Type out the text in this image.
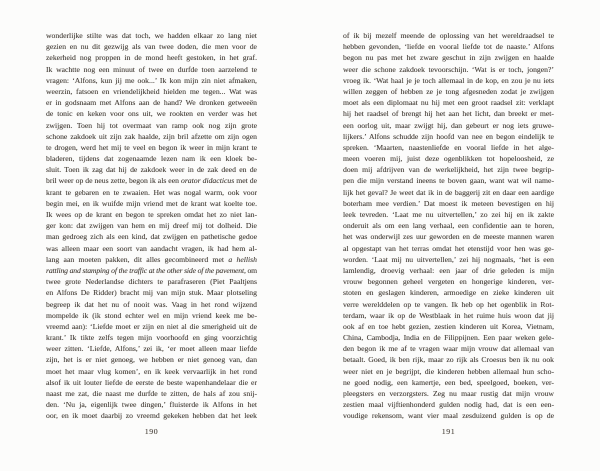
wonderlijke stilte was dat toch, we hadden elkaar zo lang niet
gezien en nu dit gezwijg als van twee doden, die men voor de
zekerheid nog proppen in de mond heeft gestoken, in het graf.
Ik wachtte nog een minuut of twee en durfde toen aarzelend te
vragen: ‘Alfons, kun jij me ook...’ Ik kon mijn zin niet afmaken,
weerzin, fatsoen en vriendelijkheid hielden me tegen... Wat was
er in godsnaam met Alfons aan de hand? We dronken getweeën
de tonic en keken voor ons uit, we rookten en verder was het
zwijgen. Toen hij tot overmaat van ramp ook nog zijn grote
schone zakdoek uit zijn zak haalde, zijn bril afzette om zijn ogen
te drogen, werd het mij te veel en begon ik weer in mijn krant te
bladeren, tijdens dat zogenaamde lezen nam ik een kloek be-
sluit. Toen ik zag dat hij de zakdoek weer in de zak deed en de
bril weer op de neus zette, begon ik als een orator didacticus met de
krant te gebaren en te zwaaien. Het was nogal warm, ook voor
begin mei, en ik wuifde mijn vriend met de krant wat koelte toe.
Ik wees op de krant en begon te spreken omdat het zo niet lan-
ger kon: dat zwijgen van hem en mij dreef mij tot dolheid. Die
man gedroeg zich als een kind, dat zwijgen en pathetische gedoe
was alleen maar een soort van aandacht vragen, ik had hem al-
lang aan moeten pakken, dit alles gecombineerd met a hellish
rattling and stamping of the traffic at the other side of the pavement, om
twee grote Nederlandse dichters te parafraseren (Piet Paaltjens
en Alfons De Ridder) bracht mij van mijn stuk. Maar plotseling
begreep ik dat het nu of nooit was. Vaag in het rond wijzend
mompelde ik (ik stond echter wel en mijn vriend keek me be-
vreemd aan): ‘Liefde moet er zijn en niet al die smerigheid uit de
krant.’ Ik tikte zelfs tegen mijn voorhoofd en ging voorzichtig
weer zitten. ‘Liefde, Alfons,’ zei ik, ‘er moet alleen maar liefde
zijn, het is er niet genoeg, we hebben er niet genoeg van, dan
moet het maar vlug komen’, en ik keek vervaarlijk in het rond
alsof ik uit louter liefde de eerste de beste wapenhandelaar die er
naast me zat, die naast me durfde te zitten, de hals af zou snij-
den. ‘Nu ja, eigenlijk twee dingen,’ fluisterde ik Alfons in het
oor, en ik moet daarbij zo vreemd gekeken hebben dat het leek
190
of ik bij mezelf meende de oplossing van het wereldraadsel te
hebben gevonden, ‘liefde en vooral liefde tot de naaste.’ Alfons
begon nu pas met het zware geschut in zijn zwijgen en haalde
weer die schone zakdoek tevoorschijn. ‘Wat is er toch, jongen?’
vroeg ik. ‘Wat haal je je toch allemaal in de kop, en zou je nu iets
willen zeggen of hebben ze je tong afgesneden zodat je zwijgen
moet als een diplomaat nu hij met een groot raadsel zit: verklapt
hij het raadsel of brengt hij het aan het licht, dan breekt er met-
een oorlog uit, maar zwijgt hij, dan gebeurt er nog iets gruwe-
lijkers.’ Alfons schudde zijn hoofd van nee en begon eindelijk te
spreken. ‘Maarten, naastenliefde en vooral liefde in het alge-
meen voeren mij, juist deze ogenblikken tot hopeloosheid, ze
doen mij afdrijven van de werkelijkheid, het zijn twee begrip-
pen die mijn verstand ineens te boven gaan, want wat wil name-
lijk het geval? Je weet dat ik in de baggerij zit en daar een aardige
boterham mee verdien.’ Dat moest ik meteen bevestigen en hij
leek tevreden. ‘Laat me nu uitvertellen,’ zo zei hij en ik zakte
onderuit als om een lang verhaal, een confidentie aan te horen,
het was onderwijl zes uur geworden en de meeste mannen waren
al opgestapt van het terras omdat het etenstijd voor hen was ge-
worden. ‘Laat mij nu uitvertellen,’ zei hij nogmaals, ‘het is een
lamlendig, droevig verhaal: een jaar of drie geleden is mijn
vrouw begonnen geheel vergeten en hongerige kinderen, ver-
stoten en geslagen kinderen, armoedige en zieke kinderen uit
verre werelddelen op te vangen. Ik heb op het ogenblik in Rot-
terdam, waar ik op de Westblaak in het ruime huis woon dat jij
ook af en toe hebt gezien, zestien kinderen uit Korea, Vietnam,
China, Cambodja, India en de Filippijnen. Een paar weken gele-
den begon ik me af te vragen waar mijn vrouw dat allemaal van
betaalt. Goed, ik ben rijk, maar zo rijk als Croesus ben ik nu ook
weer niet en je begrijpt, die kinderen hebben allemaal hun scho-
ne goed nodig, een kamertje, een bed, speelgoed, boeken, ver-
pleegsters en verzorgsters. Zeg nu maar rustig dat mijn vrouw
zestien maal vijftienhonderd gulden nodig had, dat is een een-
voudige rekensom, want vier maal zesduizend gulden is op de
191
